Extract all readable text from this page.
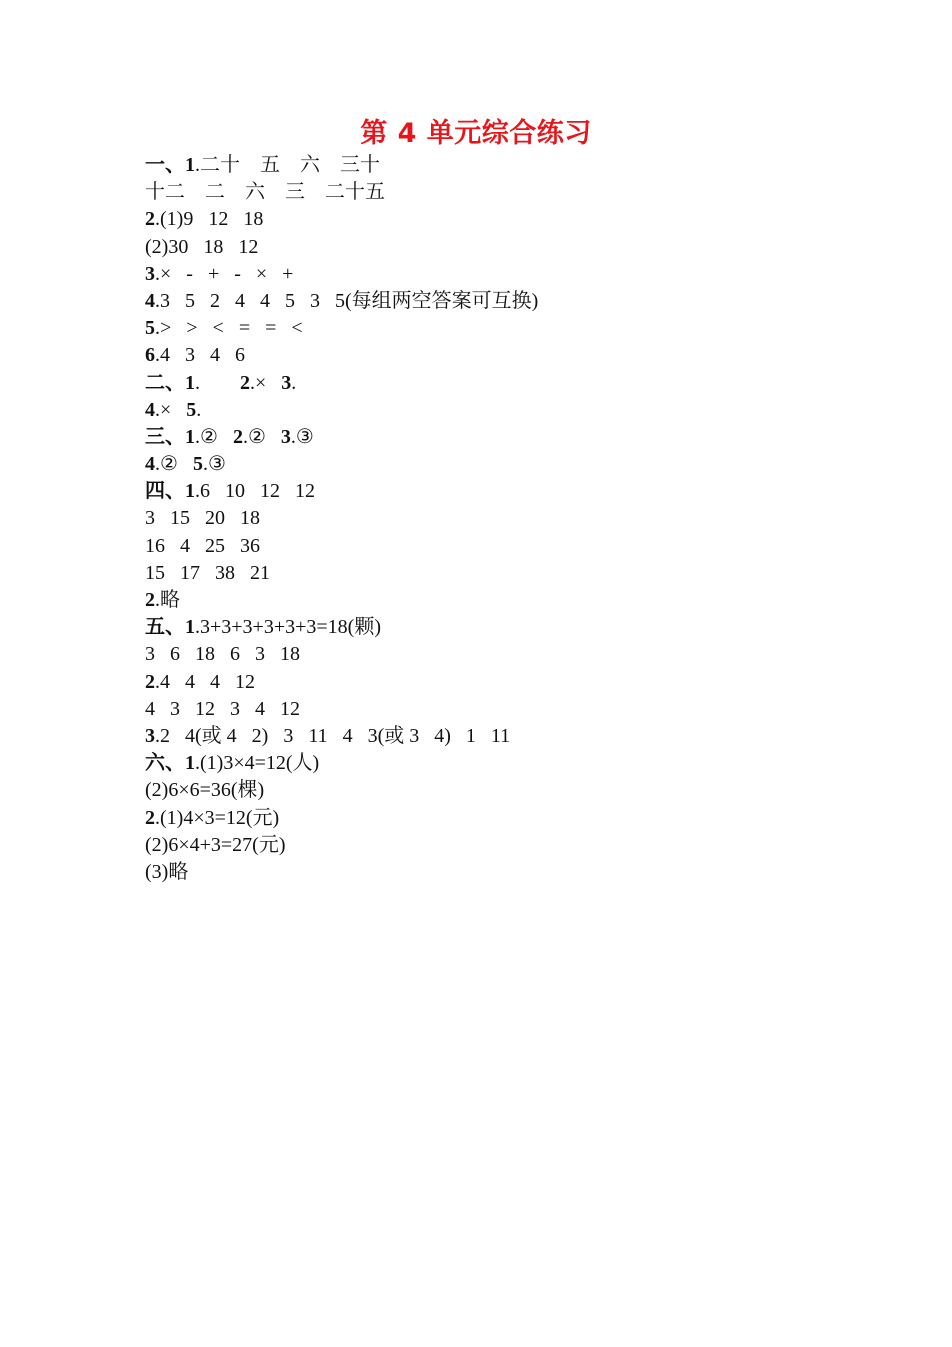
第 4 单元综合练习
一、1.二十　五　六　三十
十二　二　六　三　二十五
2.(1)9   12   18
(2)30   18   12
3.×   -   +   -   ×   +
4.3   5   2   4   4   5   3   5(每组两空答案可互换)
5.>   >   <   =   =   <
6.4   3   4   6
二、1.        2.×   3.
4.×   5.
三、1.②   2.②   3.③
4.②   5.③
四、1.6   10   12   12
3   15   20   18
16   4   25   36
15   17   38   21
2.略
五、1.3+3+3+3+3+3=18(颗)
3   6   18   6   3   18
2.4   4   4   12
4   3   12   3   4   12
3.2   4(或 4   2)   3   11   4   3(或 3   4)   1   11
六、1.(1)3×4=12(人)
(2)6×6=36(棵)
2.(1)4×3=12(元)
(2)6×4+3=27(元)
(3)略
